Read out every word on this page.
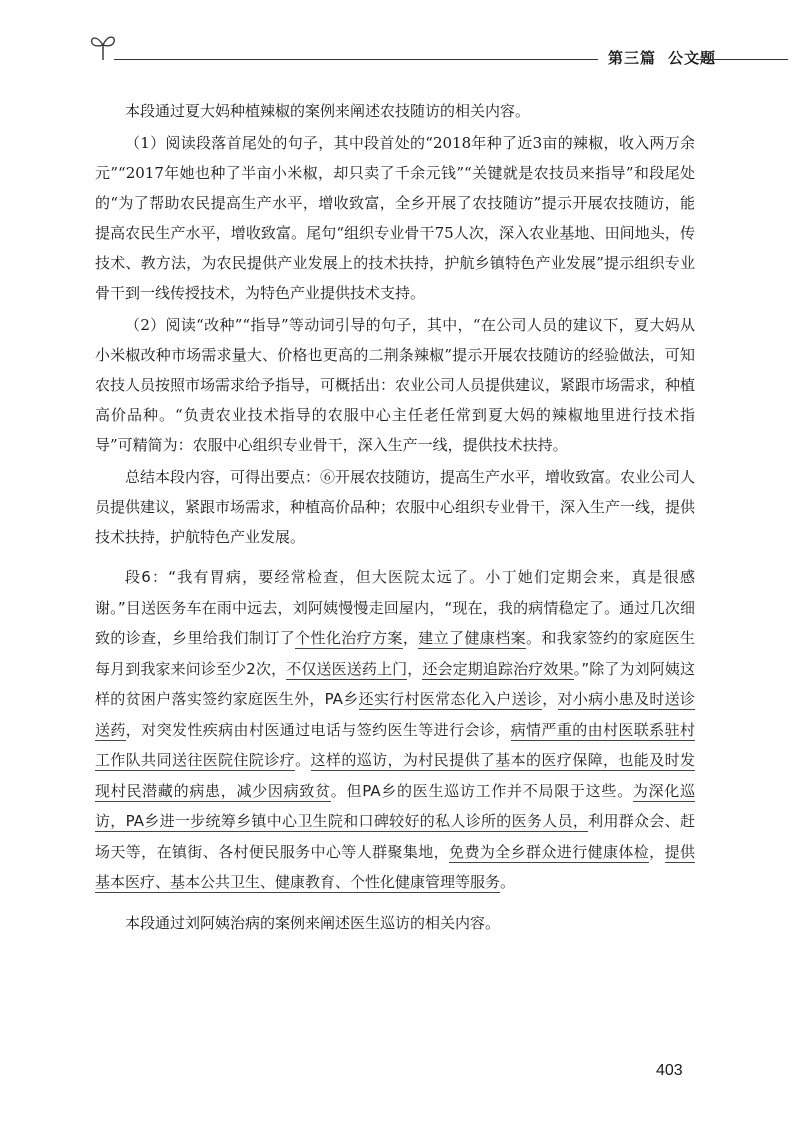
第三篇 公文题

本段通过夏大妈种植辣椒的案例来阐述农技随访的相关内容。

（1）阅读段落首尾处的句子，其中段首处的“2018年种了近3亩的辣椒，收入两万余元”“2017年她也种了半亩小米椒，却只卖了千余元钱”“关键就是农技员来指导”和段尾处的“为了帮助农民提高生产水平，增收致富，全乡开展了农技随访”提示开展农技随访，能提高农民生产水平，增收致富。尾句“组织专业骨干75人次，深入农业基地、田间地头，传技术、教方法，为农民提供产业发展上的技术扶持，护航乡镇特色产业发展”提示组织专业骨干到一线传授技术，为特色产业提供技术支持。

（2）阅读“改种”“指导”等动词引导的句子，其中，“在公司人员的建议下，夏大妈从小米椒改种市场需求量大、价格也更高的二荆条辣椒”提示开展农技随访的经验做法，可知农技人员按照市场需求给予指导，可概括出：农业公司人员提供建议，紧跟市场需求，种植高价品种。“负责农业技术指导的农服中心主任老任常到夏大妈的辣椒地里进行技术指导”可精简为：农服中心组织专业骨干，深入生产一线，提供技术扶持。

总结本段内容，可得出要点：⑥开展农技随访，提高生产水平，增收致富。农业公司人员提供建议，紧跟市场需求，种植高价品种；农服中心组织专业骨干，深入生产一线，提供技术扶持，护航特色产业发展。

段6：“我有胃病，要经常检查，但大医院太远了。小丁她们定期会来，真是很感谢。”目送医务车在雨中远去，刘阿姨慢慢走回屋内，“现在，我的病情稳定了。通过几次细致的诊查，乡里给我们制订了个性化治疗方案，建立了健康档案。和我家签约的家庭医生每月到我家来问诊至少2次，不仅送医送药上门，还会定期追踪治疗效果。”除了为刘阿姨这样的贫困户落实签约家庭医生外，PA乡还实行村医常态化入户送诊，对小病小患及时送诊送药，对突发性疾病由村医通过电话与签约医生等进行会诊，病情严重的由村医联系驻村工作队共同送往医院住院诊疗。这样的巡访，为村民提供了基本的医疗保障，也能及时发现村民潜藏的病患，减少因病致贫。但PA乡的医生巡访工作并不局限于这些。为深化巡访，PA乡进一步统筹乡镇中心卫生院和口碑较好的私人诊所的医务人员，利用群众会、赶场天等，在镇街、各村便民服务中心等人群聚集地，免费为全乡群众进行健康体检，提供基本医疗、基本公共卫生、健康教育、个性化健康管理等服务。

本段通过刘阿姨治病的案例来阐述医生巡访的相关内容。

403
